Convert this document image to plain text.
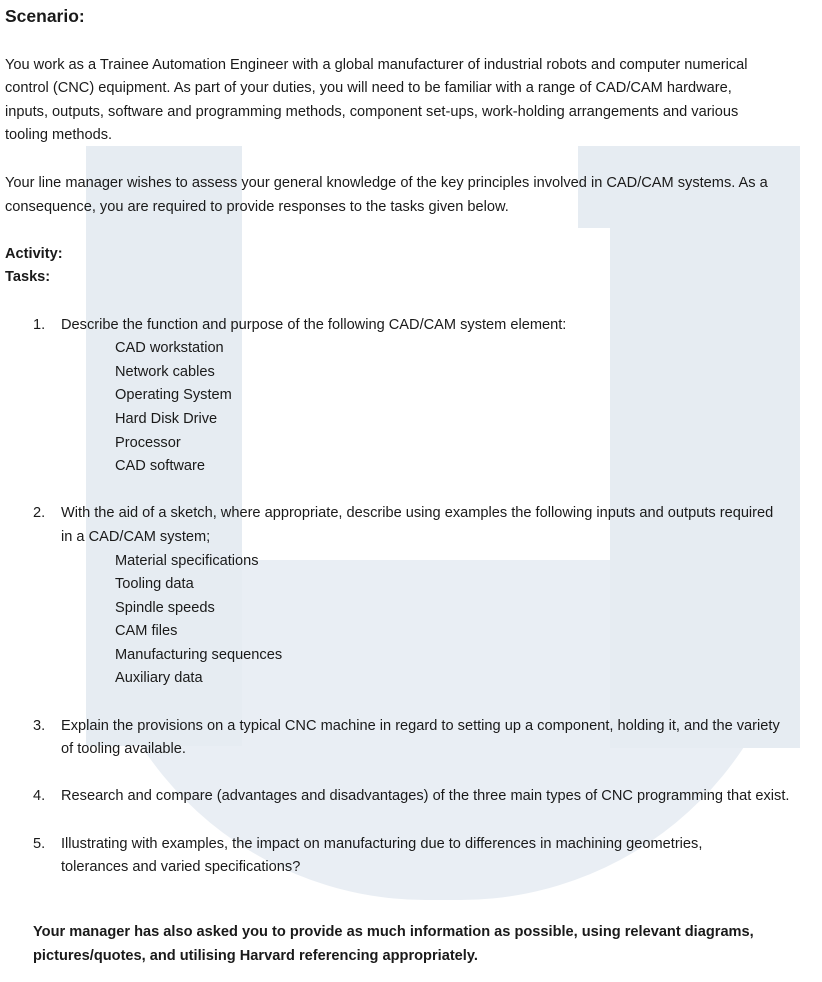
Scenario:
You work as a Trainee Automation Engineer with a global manufacturer of industrial robots and computer numerical
control (CNC) equipment. As part of your duties, you will need to be familiar with a range of CAD/CAM hardware,
inputs, outputs, software and programming methods, component set-ups, work-holding arrangements and various
tooling methods.
Your line manager wishes to assess your general knowledge of the key principles involved in CAD/CAM systems. As a
consequence, you are required to provide responses to the tasks given below.
Activity:
Tasks:
1. Describe the function and purpose of the following CAD/CAM system element:
CAD workstation
Network cables
Operating System
Hard Disk Drive
Processor
CAD software
2. With the aid of a sketch, where appropriate, describe using examples the following inputs and outputs required
in a CAD/CAM system;
Material specifications
Tooling data
Spindle speeds
CAM files
Manufacturing sequences
Auxiliary data
3. Explain the provisions on a typical CNC machine in regard to setting up a component, holding it, and the variety
of tooling available.
4. Research and compare (advantages and disadvantages) of the three main types of CNC programming that exist.
5. Illustrating with examples, the impact on manufacturing due to differences in machining geometries,
tolerances and varied specifications?
Your manager has also asked you to provide as much information as possible, using relevant diagrams,
pictures/quotes, and utilising Harvard referencing appropriately.
